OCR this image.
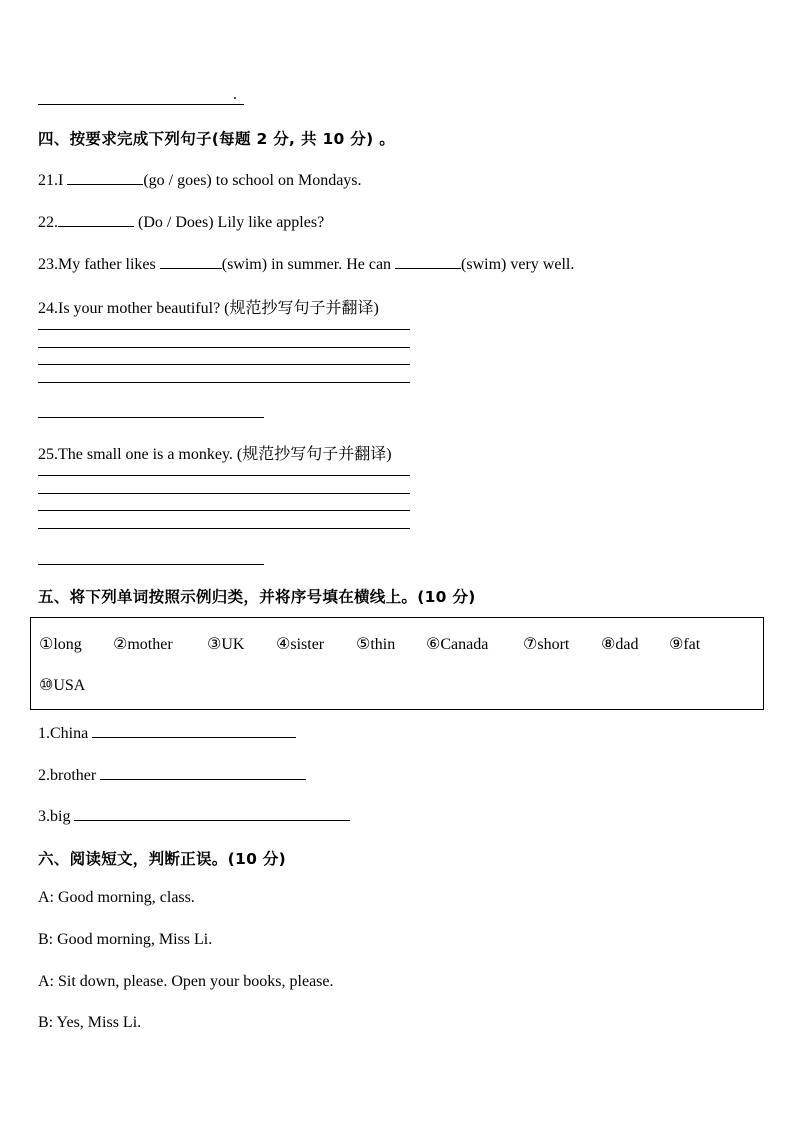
.
四、按要求完成下列句子(每题 2 分, 共 10 分) 。
21.I	(go / goes) to school on Mondays.
22.	(Do / Does) Lily like apples?
23.My father likes	(swim) in summer. He can	(swim) very well.
24.Is your mother beautiful? (规范抄写句子并翻译)
25.The small one is a monkey. (规范抄写句子并翻译)
五、将下列单词按照示例归类，并将序号填在横线上。(10 分)
①long ②mother ③UK ④sister ⑤thin ⑥Canada ⑦short ⑧dad ⑨fat
⑩USA
1.China
2.brother
3.big
六、阅读短文，判断正误。(10 分)
A: Good morning, class.
B: Good morning, Miss Li.
A: Sit down, please. Open your books, please.
B: Yes, Miss Li.
